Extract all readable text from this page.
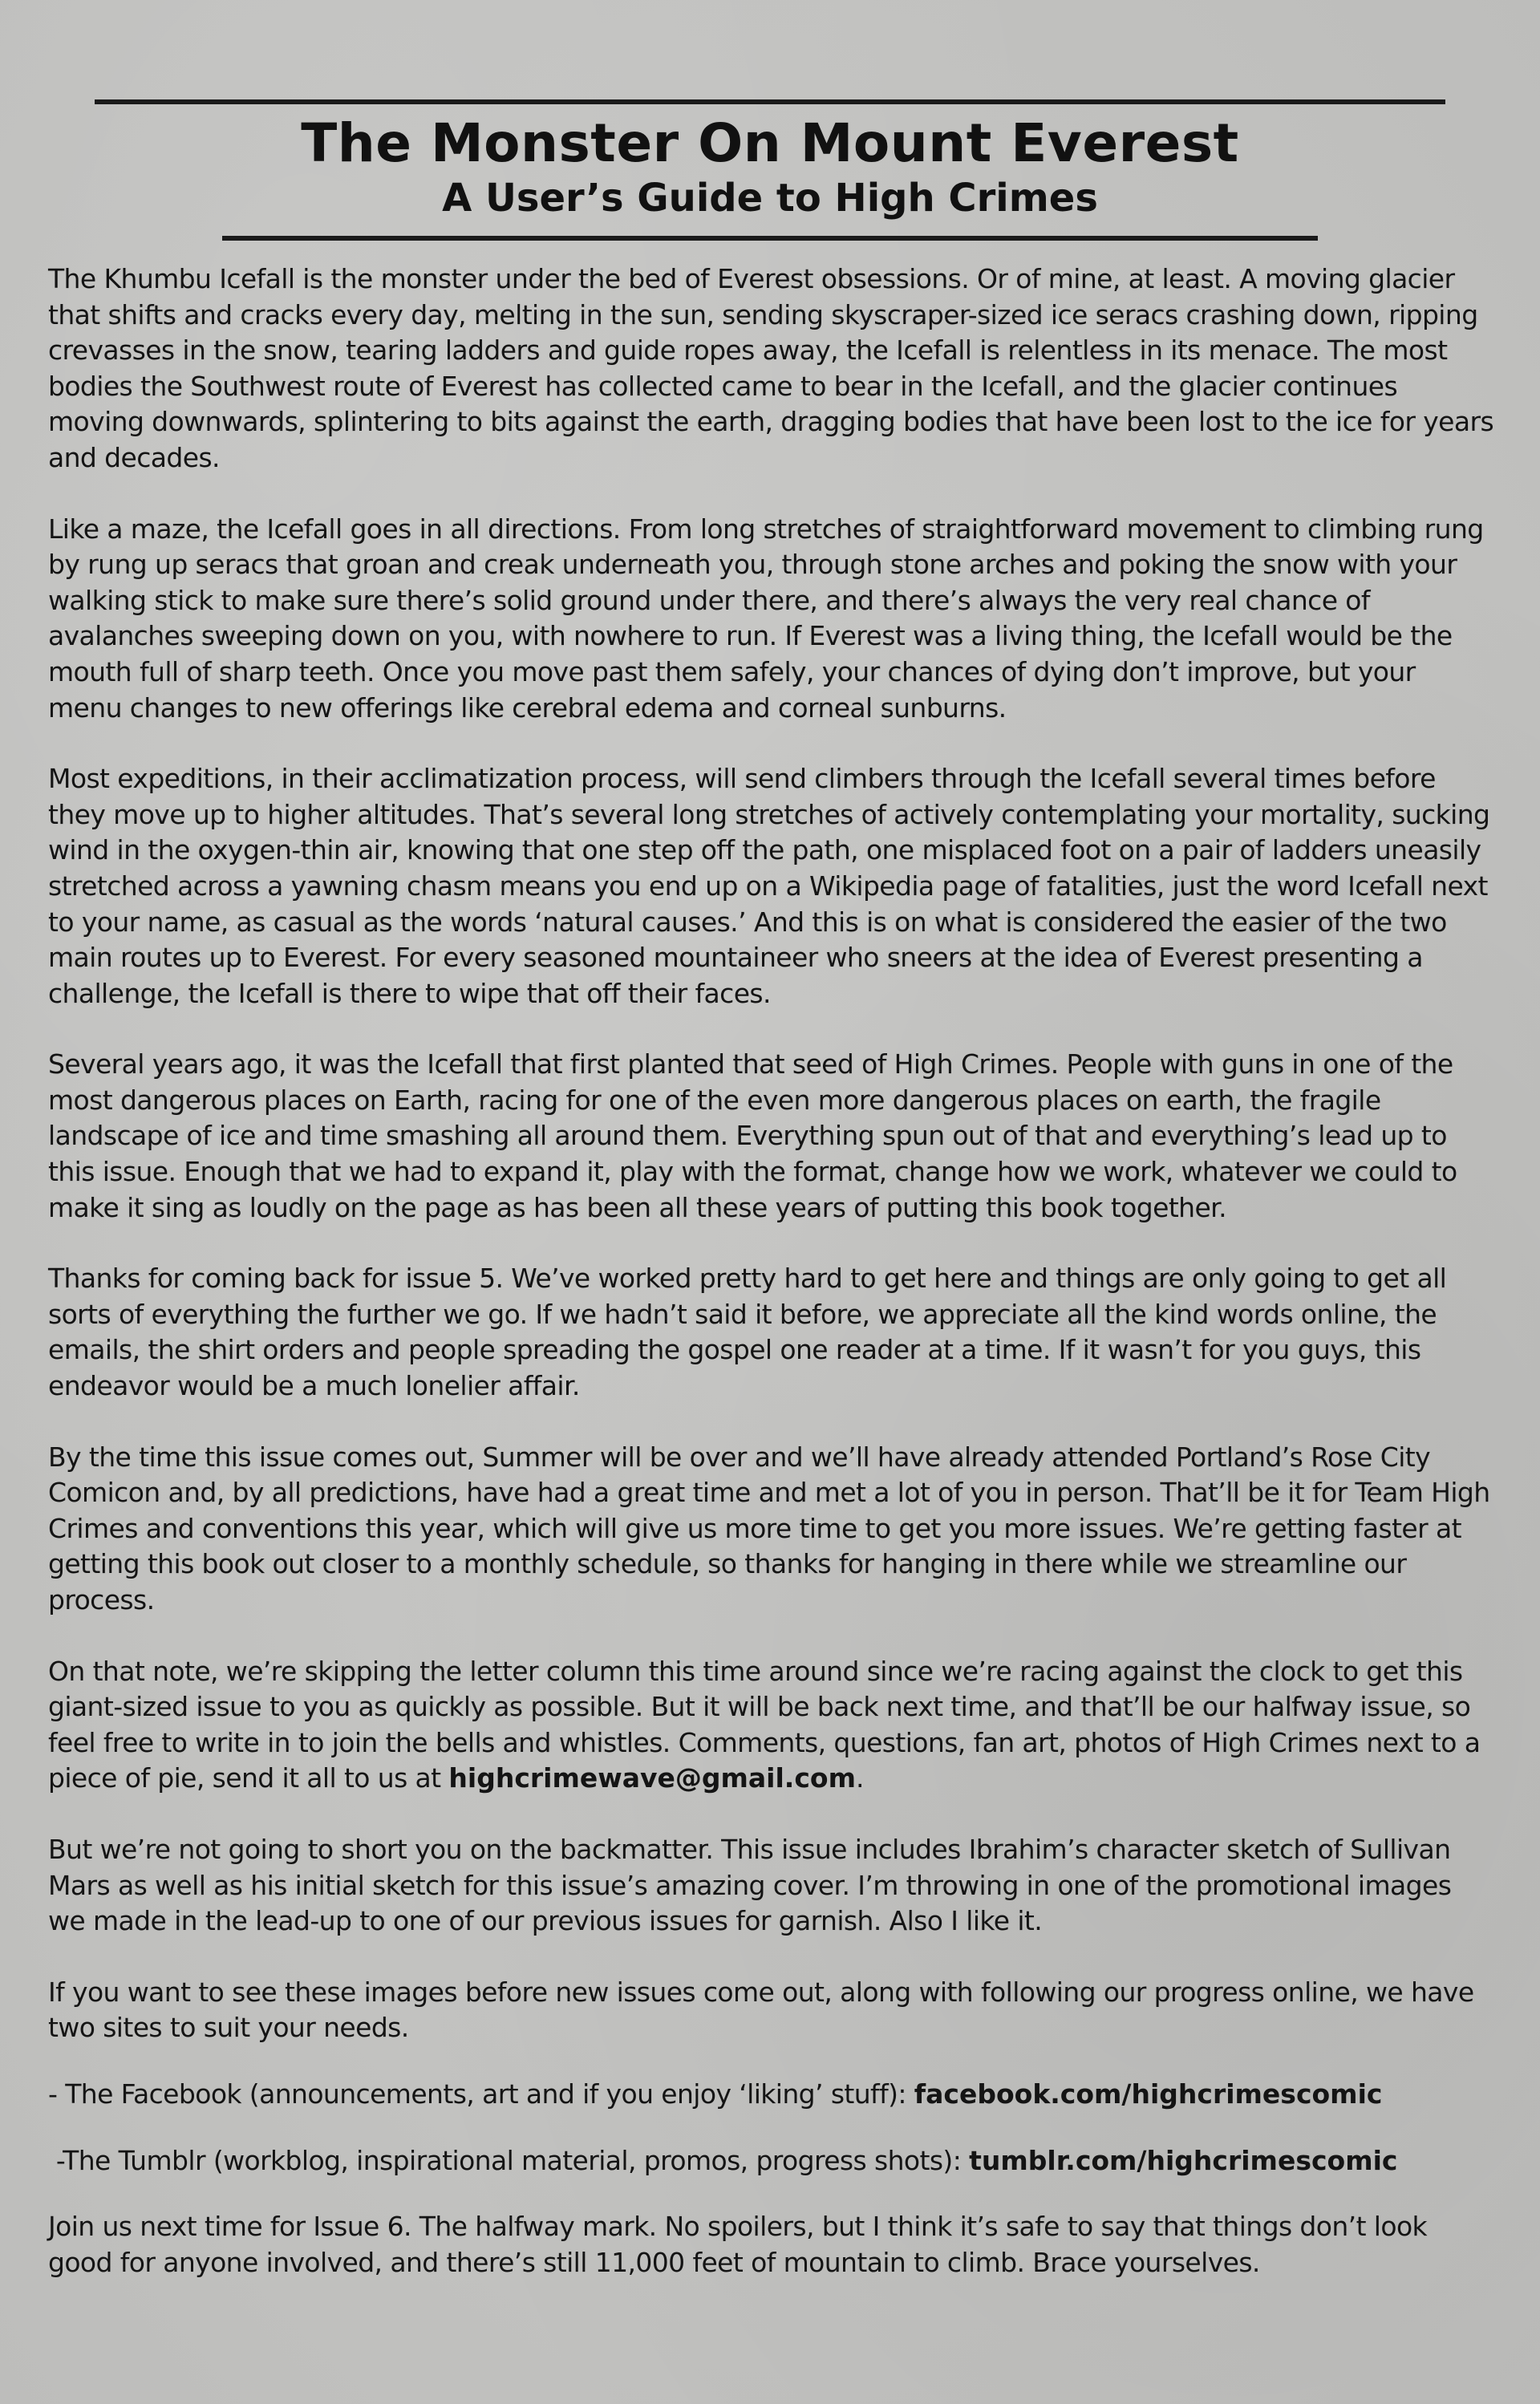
The Monster On Mount Everest
A User’s Guide to High Crimes

The Khumbu Icefall is the monster under the bed of Everest obsessions. Or of mine, at least. A moving glacier that shifts and cracks every day, melting in the sun, sending skyscraper-sized ice seracs crashing down, ripping crevasses in the snow, tearing ladders and guide ropes away, the Icefall is relentless in its menace. The most bodies the Southwest route of Everest has collected came to bear in the Icefall, and the glacier continues moving downwards, splintering to bits against the earth, dragging bodies that have been lost to the ice for years and decades.

Like a maze, the Icefall goes in all directions. From long stretches of straightforward movement to climbing rung by rung up seracs that groan and creak underneath you, through stone arches and poking the snow with your walking stick to make sure there’s solid ground under there, and there’s always the very real chance of avalanches sweeping down on you, with nowhere to run. If Everest was a living thing, the Icefall would be the mouth full of sharp teeth. Once you move past them safely, your chances of dying don’t improve, but your menu changes to new offerings like cerebral edema and corneal sunburns.

Most expeditions, in their acclimatization process, will send climbers through the Icefall several times before they move up to higher altitudes. That’s several long stretches of actively contemplating your mortality, sucking wind in the oxygen-thin air, knowing that one step off the path, one misplaced foot on a pair of ladders uneasily stretched across a yawning chasm means you end up on a Wikipedia page of fatalities, just the word Icefall next to your name, as casual as the words ‘natural causes.’ And this is on what is considered the easier of the two main routes up to Everest. For every seasoned mountaineer who sneers at the idea of Everest presenting a challenge, the Icefall is there to wipe that off their faces.

Several years ago, it was the Icefall that first planted that seed of High Crimes. People with guns in one of the most dangerous places on Earth, racing for one of the even more dangerous places on earth, the fragile landscape of ice and time smashing all around them. Everything spun out of that and everything’s lead up to this issue. Enough that we had to expand it, play with the format, change how we work, whatever we could to make it sing as loudly on the page as has been all these years of putting this book together.

Thanks for coming back for issue 5. We’ve worked pretty hard to get here and things are only going to get all sorts of everything the further we go. If we hadn’t said it before, we appreciate all the kind words online, the emails, the shirt orders and people spreading the gospel one reader at a time. If it wasn’t for you guys, this endeavor would be a much lonelier affair.

By the time this issue comes out, Summer will be over and we’ll have already attended Portland’s Rose City Comicon and, by all predictions, have had a great time and met a lot of you in person. That’ll be it for Team High Crimes and conventions this year, which will give us more time to get you more issues. We’re getting faster at getting this book out closer to a monthly schedule, so thanks for hanging in there while we streamline our process.

On that note, we’re skipping the letter column this time around since we’re racing against the clock to get this giant-sized issue to you as quickly as possible. But it will be back next time, and that’ll be our halfway issue, so feel free to write in to join the bells and whistles. Comments, questions, fan art, photos of High Crimes next to a piece of pie, send it all to us at highcrimewave@gmail.com.

But we’re not going to short you on the backmatter. This issue includes Ibrahim’s character sketch of Sullivan Mars as well as his initial sketch for this issue’s amazing cover. I’m throwing in one of the promotional images we made in the lead-up to one of our previous issues for garnish. Also I like it.

If you want to see these images before new issues come out, along with following our progress online, we have two sites to suit your needs.

- The Facebook (announcements, art and if you enjoy ‘liking’ stuff): facebook.com/highcrimescomic

-The Tumblr (workblog, inspirational material, promos, progress shots): tumblr.com/highcrimescomic

Join us next time for Issue 6. The halfway mark. No spoilers, but I think it’s safe to say that things don’t look good for anyone involved, and there’s still 11,000 feet of mountain to climb. Brace yourselves.
